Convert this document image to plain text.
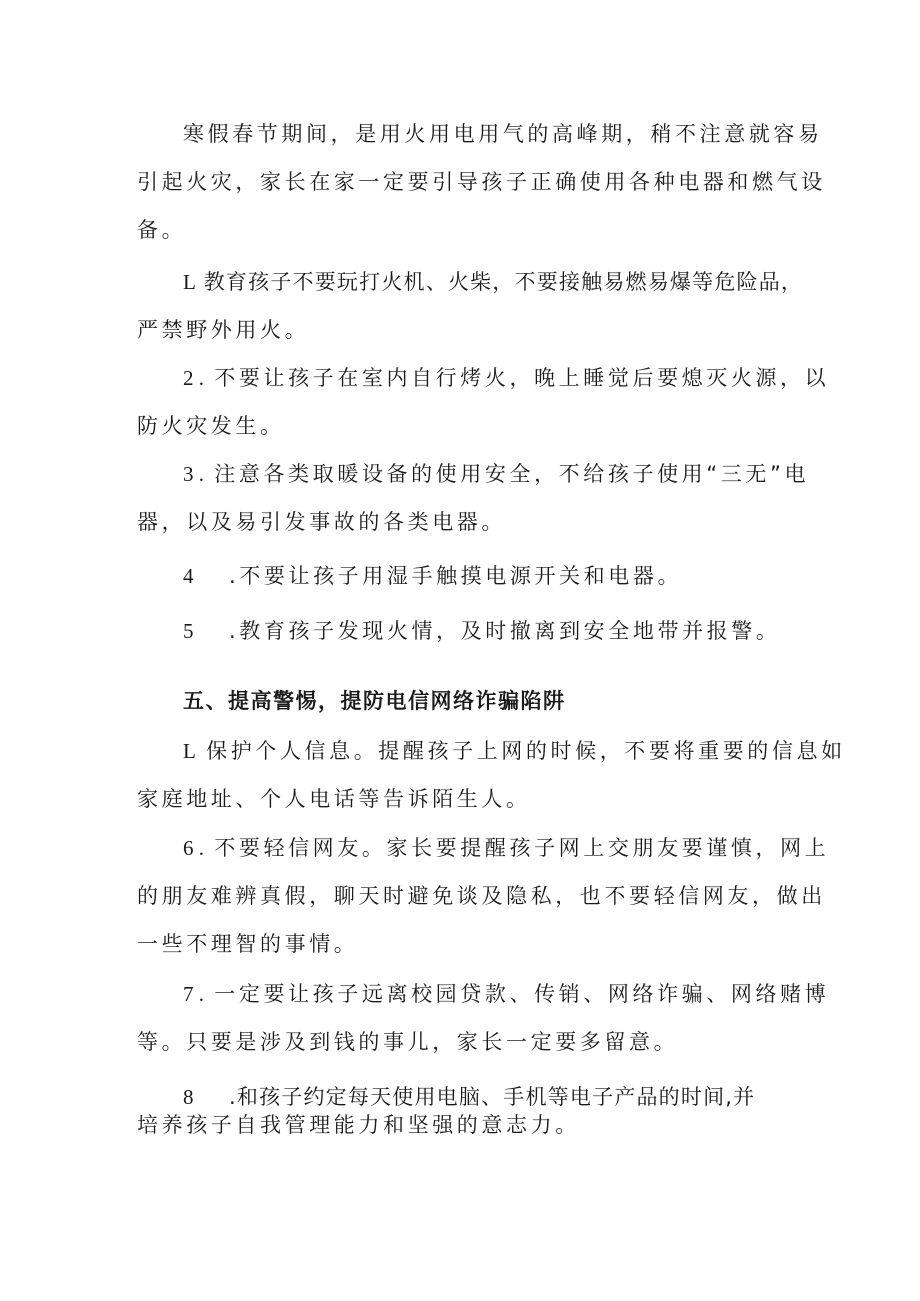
寒假春节期间，是用火用电用气的高峰期，稍不注意就容易
引起火灾，家长在家一定要引导孩子正确使用各种电器和燃气设
备。
L 教育孩子不要玩打火机、火柴，不要接触易燃易爆等危险品，
严禁野外用火。
2 . 不要让孩子在室内自行烤火，晚上睡觉后要熄灭火源，以
防火灾发生。
3 . 注意各类取暖设备的使用安全，不给孩子使用“三无”电
器，以及易引发事故的各类电器。
4 .不要让孩子用湿手触摸电源开关和电器。
5 .教育孩子发现火情，及时撤离到安全地带并报警。
五、提高警惕，提防电信网络诈骗陷阱
L 保护个人信息。提醒孩子上网的时候，不要将重要的信息如
家庭地址、个人电话等告诉陌生人。
6 . 不要轻信网友。家长要提醒孩子网上交朋友要谨慎，网上
的朋友难辨真假，聊天时避免谈及隐私，也不要轻信网友，做出
一些不理智的事情。
7 . 一定要让孩子远离校园贷款、传销、网络诈骗、网络赌博
等。只要是涉及到钱的事儿，家长一定要多留意。
8 .和孩子约定每天使用电脑、手机等电子产品的时间,并
培养孩子自我管理能力和坚强的意志力。
